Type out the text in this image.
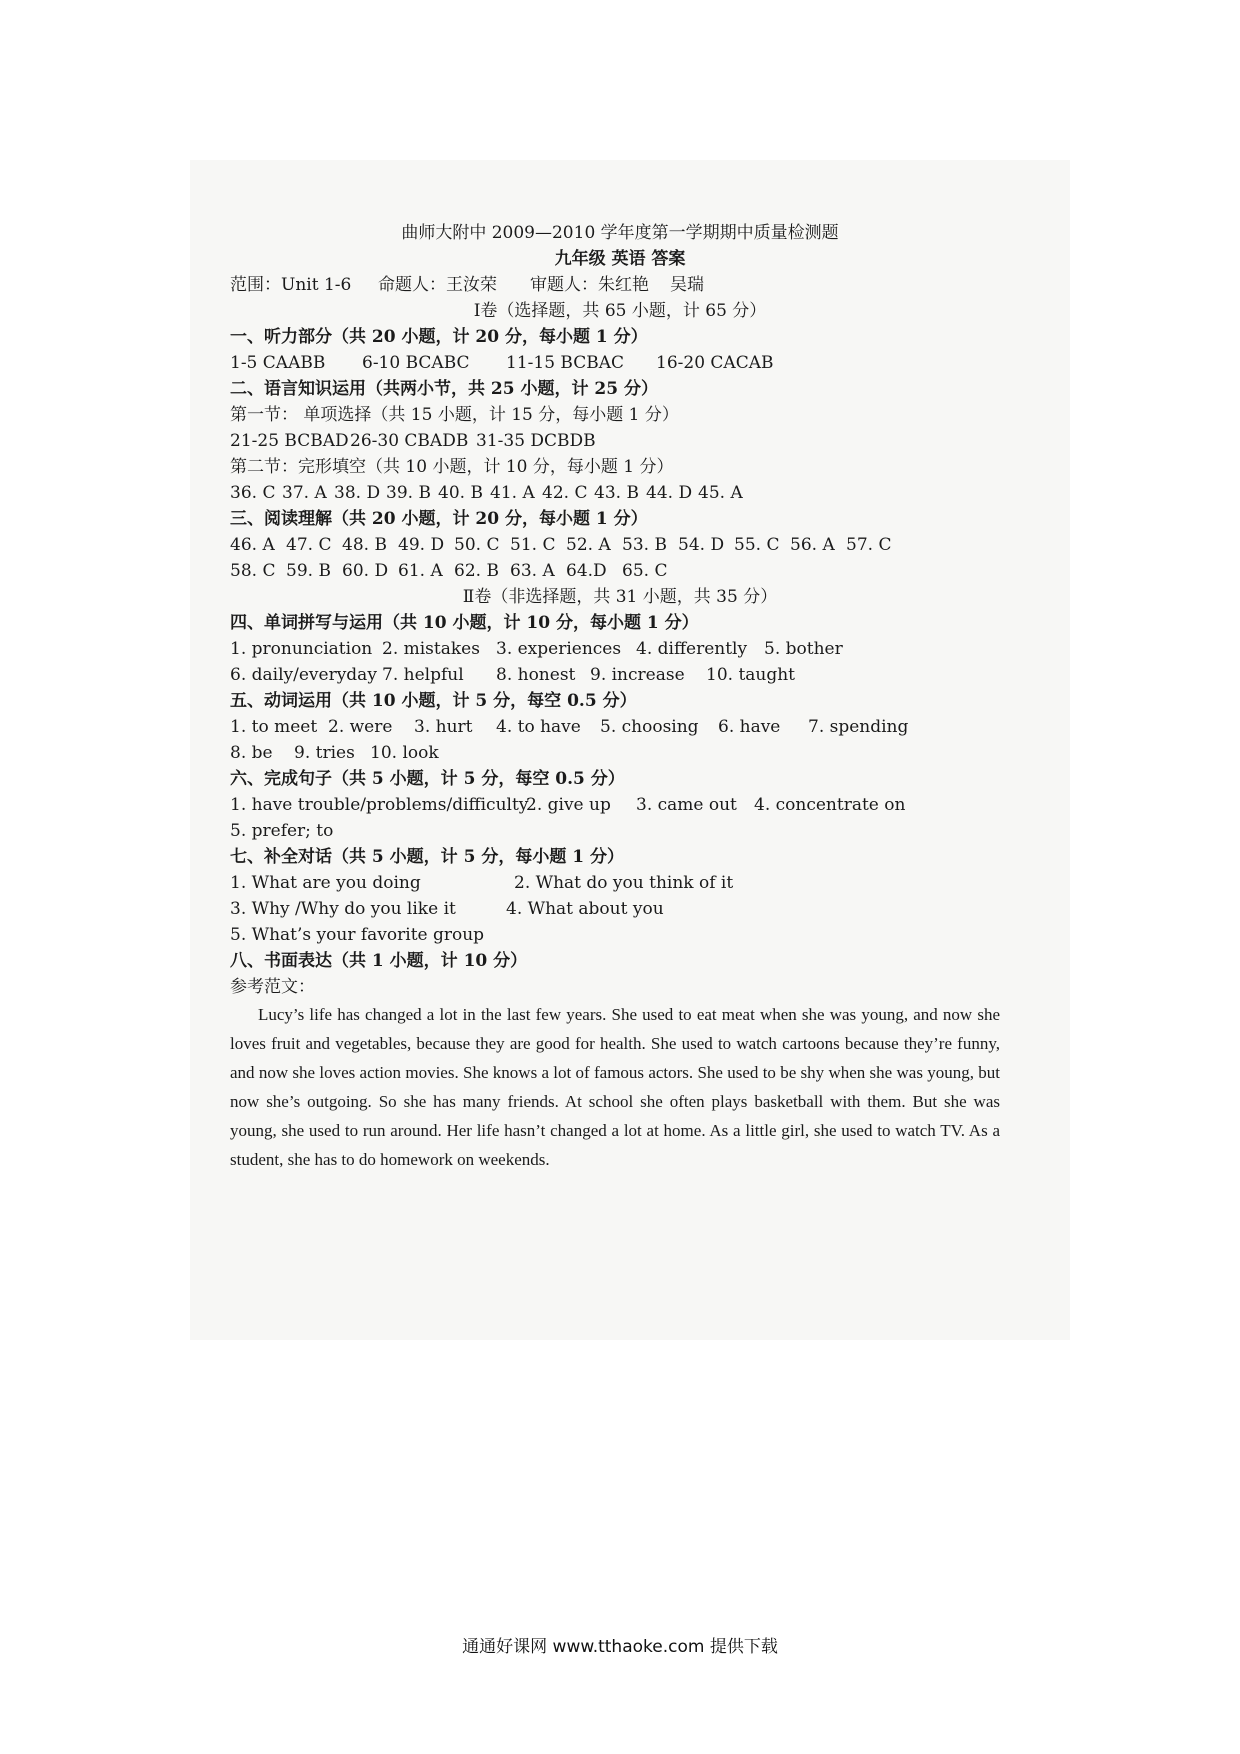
曲师大附中 2009—2010 学年度第一学期期中质量检测题
九年级 英语 答案
范围：Unit 1-6	命题人：王汝荣	审题人：朱红艳	吴瑞
Ⅰ卷（选择题，共 65 小题，计 65 分）
一、听力部分（共 20 小题，计 20 分，每小题 1 分）
1-5 CAABB	6-10 BCABC	11-15 BCBAC	16-20 CACAB
二、语言知识运用（共两小节，共 25 小题，计 25 分）
第一节： 单项选择（共 15 小题，计 15 分，每小题 1 分）
21-25 BCBAD 26-30 CBADB 31-35 DCBDB
第二节：完形填空（共 10 小题，计 10 分，每小题 1 分）
36. C 37. A 38. D 39. B 40. B 41. A 42. C 43. B 44. D 45. A
三、阅读理解（共 20 小题，计 20 分，每小题 1 分）
46. A 47. C 48. B 49. D 50. C 51. C 52. A 53. B 54. D 55. C 56. A 57. C
58. C 59. B 60. D 61. A 62. B 63. A 64.D 65. C
Ⅱ卷（非选择题，共 31 小题，共 35 分）
四、单词拼写与运用（共 10 小题，计 10 分，每小题 1 分）
1. pronunciation 2. mistakes 3. experiences 4. differently 5. bother
6. daily/everyday 7. helpful	8. honest 9. increase	10. taught
五、动词运用（共 10 小题，计 5 分，每空 0.5 分）
1. to meet 2. were	3. hurt	4. to have	5. choosing	6. have	7. spending
8. be	9. tries 10. look
六、完成句子（共 5 小题，计 5 分，每空 0.5 分）
1. have trouble/problems/difficulty
2. give up	3. came out	4. concentrate on
5. prefer; to
七、补全对话（共 5 小题，计 5 分，每小题 1 分）
1. What are you doing	2. What do you think of it
3. Why /Why do you like it	4. What about you
5. What’s your favorite group
八、书面表达（共 1 小题，计 10 分）
参考范文：
Lucy’s life has changed a lot in the last few years. She used to eat meat when she was young, and now she loves fruit and vegetables, because they are good for health. She used to watch cartoons because they’re funny, and now she loves action movies. She knows a lot of famous actors. She used to be shy when she was young, but now she’s outgoing. So she has many friends. At school she often plays basketball with them. But she was young, she used to run around. Her life hasn’t changed a lot at home. As a little girl, she used to watch TV. As a student, she has to do homework on weekends.
通通好课网 www.tthaoke.com 提供下载
